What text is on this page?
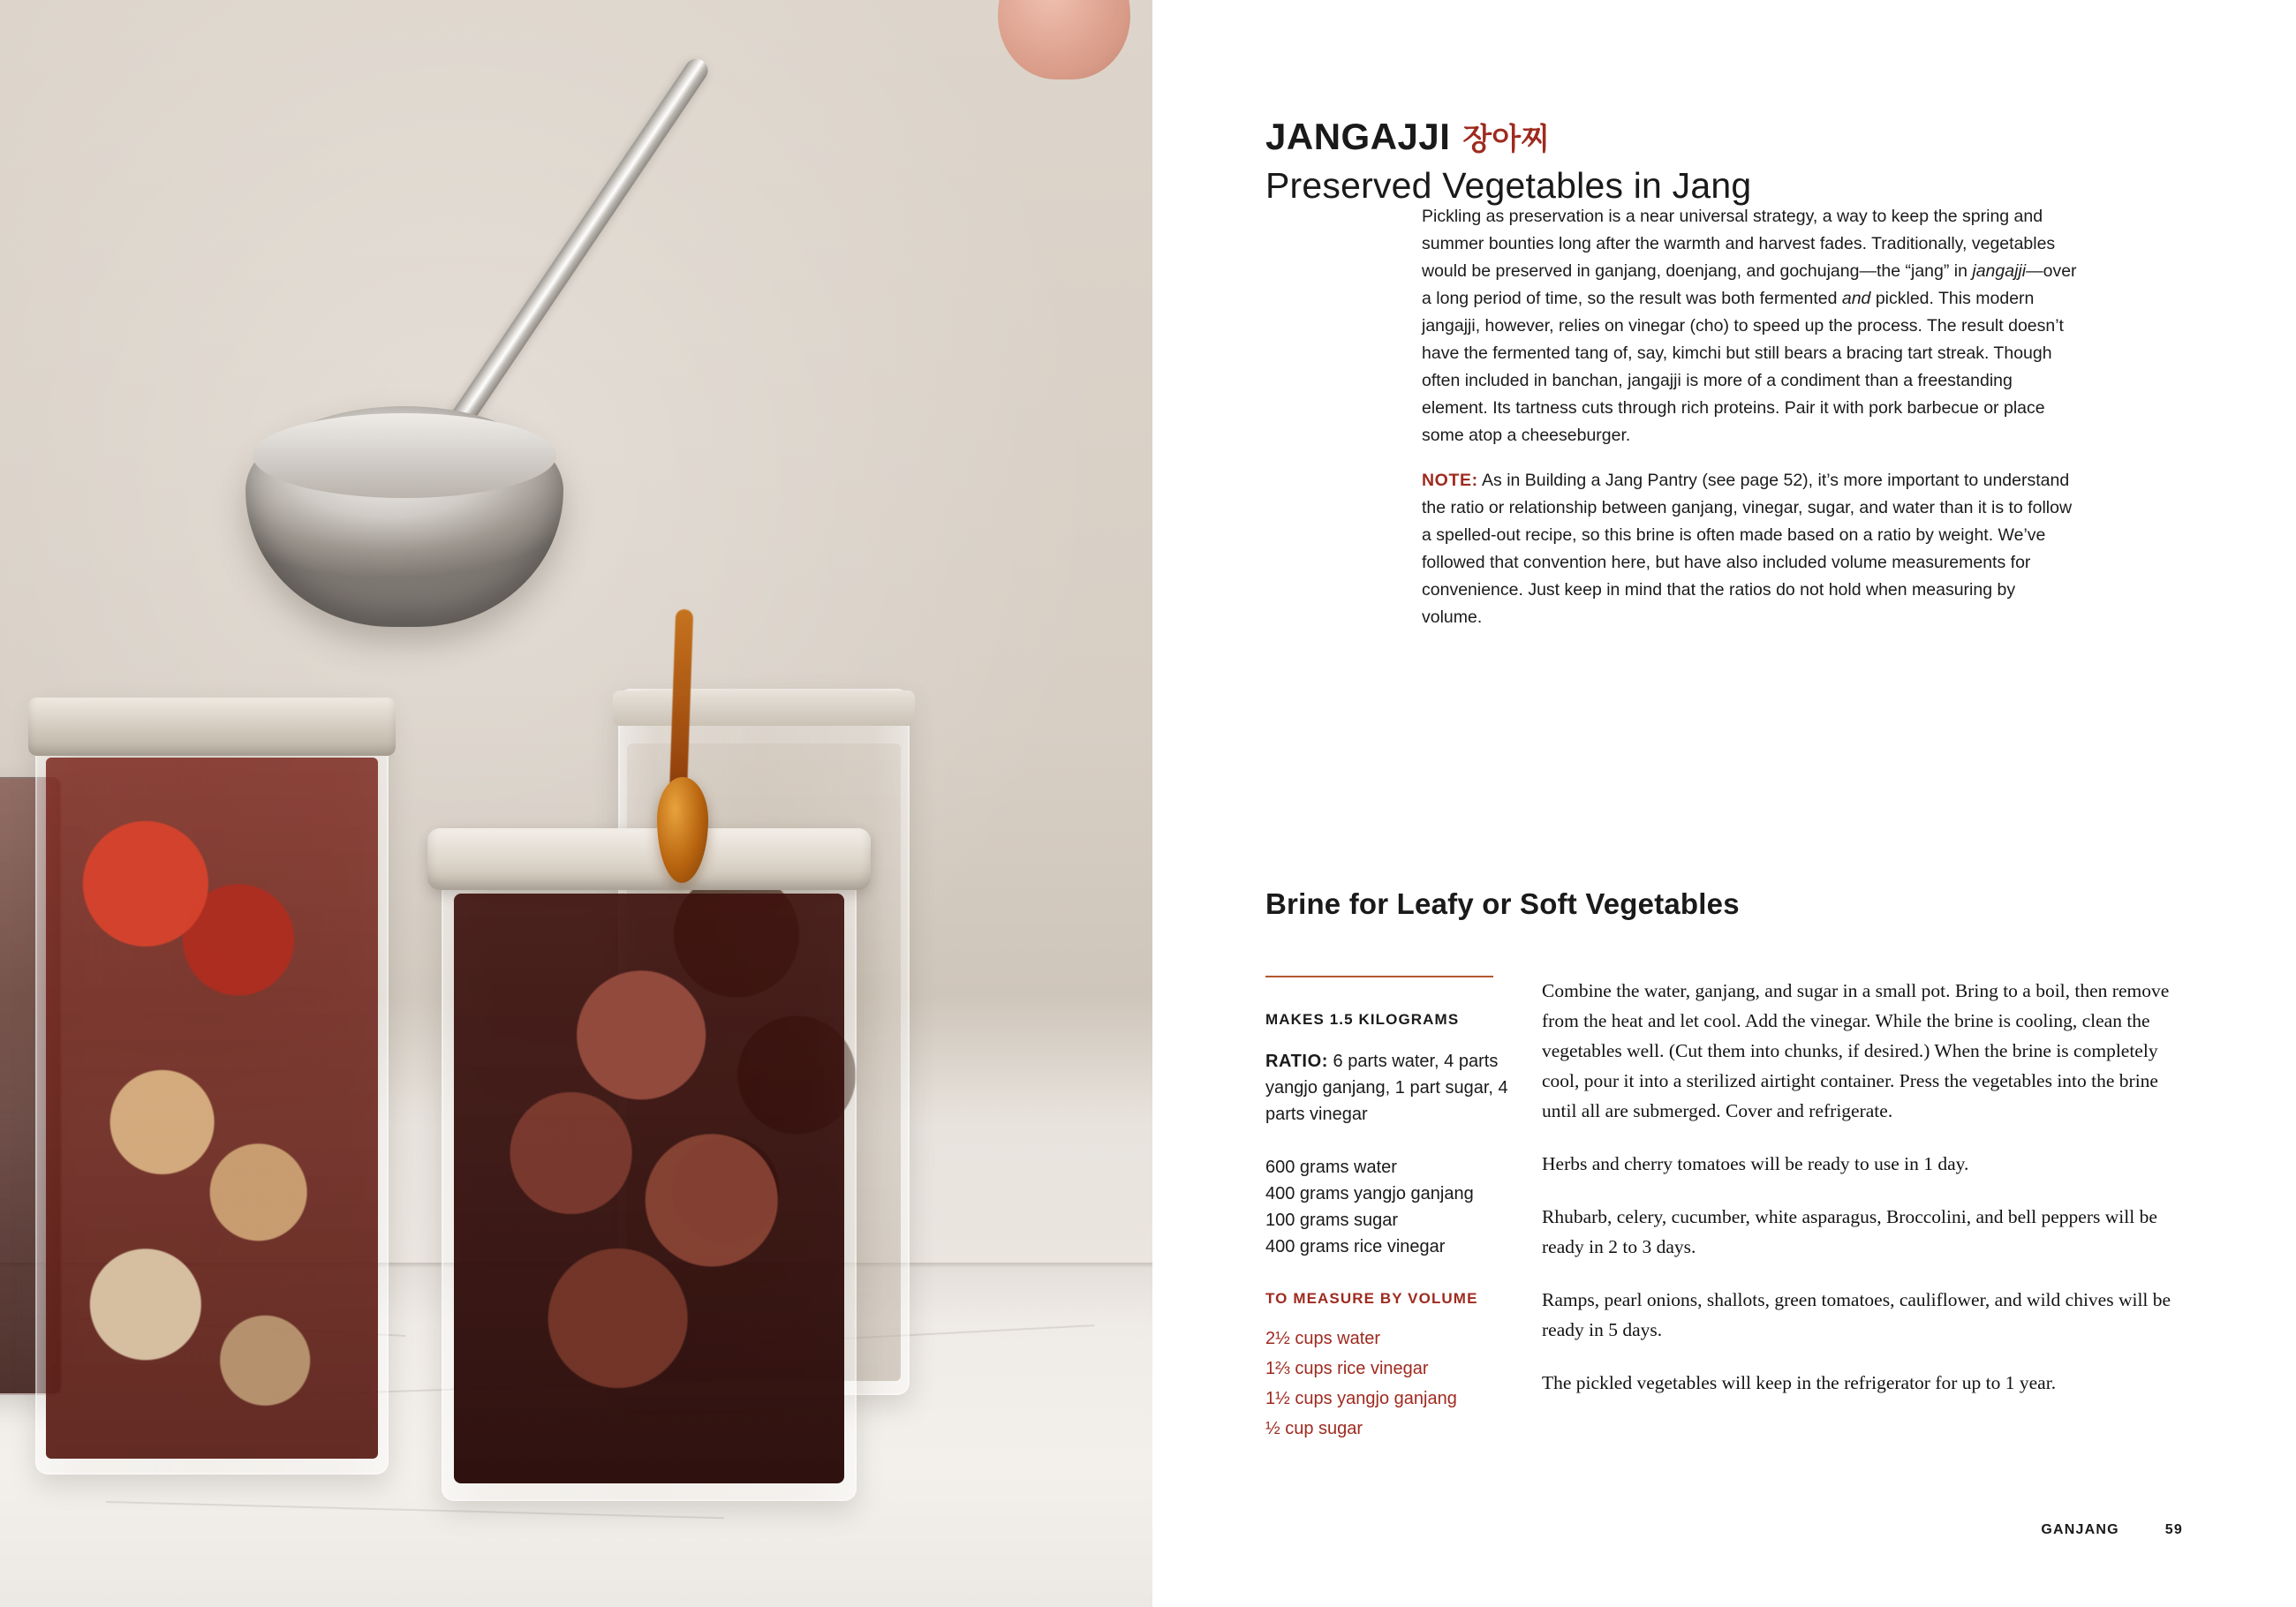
JANGAJJI 장아찌
Preserved Vegetables in Jang

Pickling as preservation is a near universal strategy, a way to keep the spring and summer bounties long after the warmth and harvest fades. Traditionally, vegetables would be preserved in ganjang, doenjang, and gochujang—the “jang” in jangajji—over a long period of time, so the result was both fermented and pickled. This modern jangajji, however, relies on vinegar (cho) to speed up the process. The result doesn’t have the fermented tang of, say, kimchi but still bears a bracing tart streak. Though often included in banchan, jangajji is more of a condiment than a freestanding element. Its tartness cuts through rich proteins. Pair it with pork barbecue or place some atop a cheeseburger.

NOTE: As in Building a Jang Pantry (see page 52), it’s more important to understand the ratio or relationship between ganjang, vinegar, sugar, and water than it is to follow a spelled-out recipe, so this brine is often made based on a ratio by weight. We’ve followed that convention here, but have also included volume measurements for convenience. Just keep in mind that the ratios do not hold when measuring by volume.

Brine for Leafy or Soft Vegetables
MAKES 1.5 KILOGRAMS
RATIO: 6 parts water, 4 parts yangjo ganjang, 1 part sugar, 4 parts vinegar
600 grams water
400 grams yangjo ganjang
100 grams sugar
400 grams rice vinegar
TO MEASURE BY VOLUME
2½ cups water
1⅔ cups rice vinegar
1½ cups yangjo ganjang
½ cup sugar

Combine the water, ganjang, and sugar in a small pot. Bring to a boil, then remove from the heat and let cool. Add the vinegar. While the brine is cooling, clean the vegetables well. (Cut them into chunks, if desired.) When the brine is completely cool, pour it into a sterilized airtight container. Press the vegetables into the brine until all are submerged. Cover and refrigerate.

Herbs and cherry tomatoes will be ready to use in 1 day.

Rhubarb, celery, cucumber, white asparagus, Broccolini, and bell peppers will be ready in 2 to 3 days.

Ramps, pearl onions, shallots, green tomatoes, cauliflower, and wild chives will be ready in 5 days.

The pickled vegetables will keep in the refrigerator for up to 1 year.

GANJANG	59
